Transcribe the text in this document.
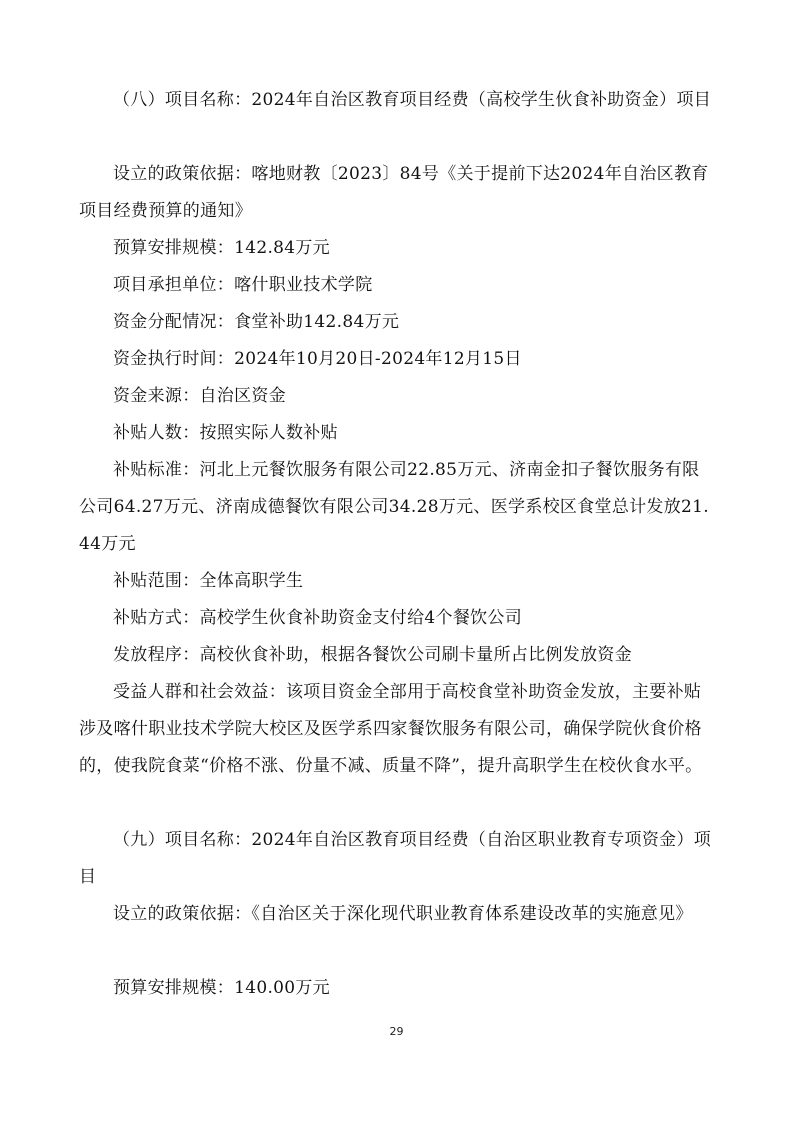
（八）项目名称：2024年自治区教育项目经费（高校学生伙食补助资金）项目

设立的政策依据：喀地财教〔2023〕84号《关于提前下达2024年自治区教育项目经费预算的通知》

预算安排规模：142.84万元

项目承担单位：喀什职业技术学院

资金分配情况：食堂补助142.84万元

资金执行时间：2024年10月20日-2024年12月15日

资金来源：自治区资金

补贴人数：按照实际人数补贴

补贴标准：河北上元餐饮服务有限公司22.85万元、济南金扣子餐饮服务有限公司64.27万元、济南成德餐饮有限公司34.28万元、医学系校区食堂总计发放21.44万元

补贴范围：全体高职学生

补贴方式：高校学生伙食补助资金支付给4个餐饮公司

发放程序：高校伙食补助，根据各餐饮公司刷卡量所占比例发放资金

受益人群和社会效益：该项目资金全部用于高校食堂补助资金发放，主要补贴涉及喀什职业技术学院大校区及医学系四家餐饮服务有限公司，确保学院伙食价格的，使我院食菜“价格不涨、份量不减、质量不降”，提升高职学生在校伙食水平。

（九）项目名称：2024年自治区教育项目经费（自治区职业教育专项资金）项目

设立的政策依据：《自治区关于深化现代职业教育体系建设改革的实施意见》

预算安排规模：140.00万元

29
